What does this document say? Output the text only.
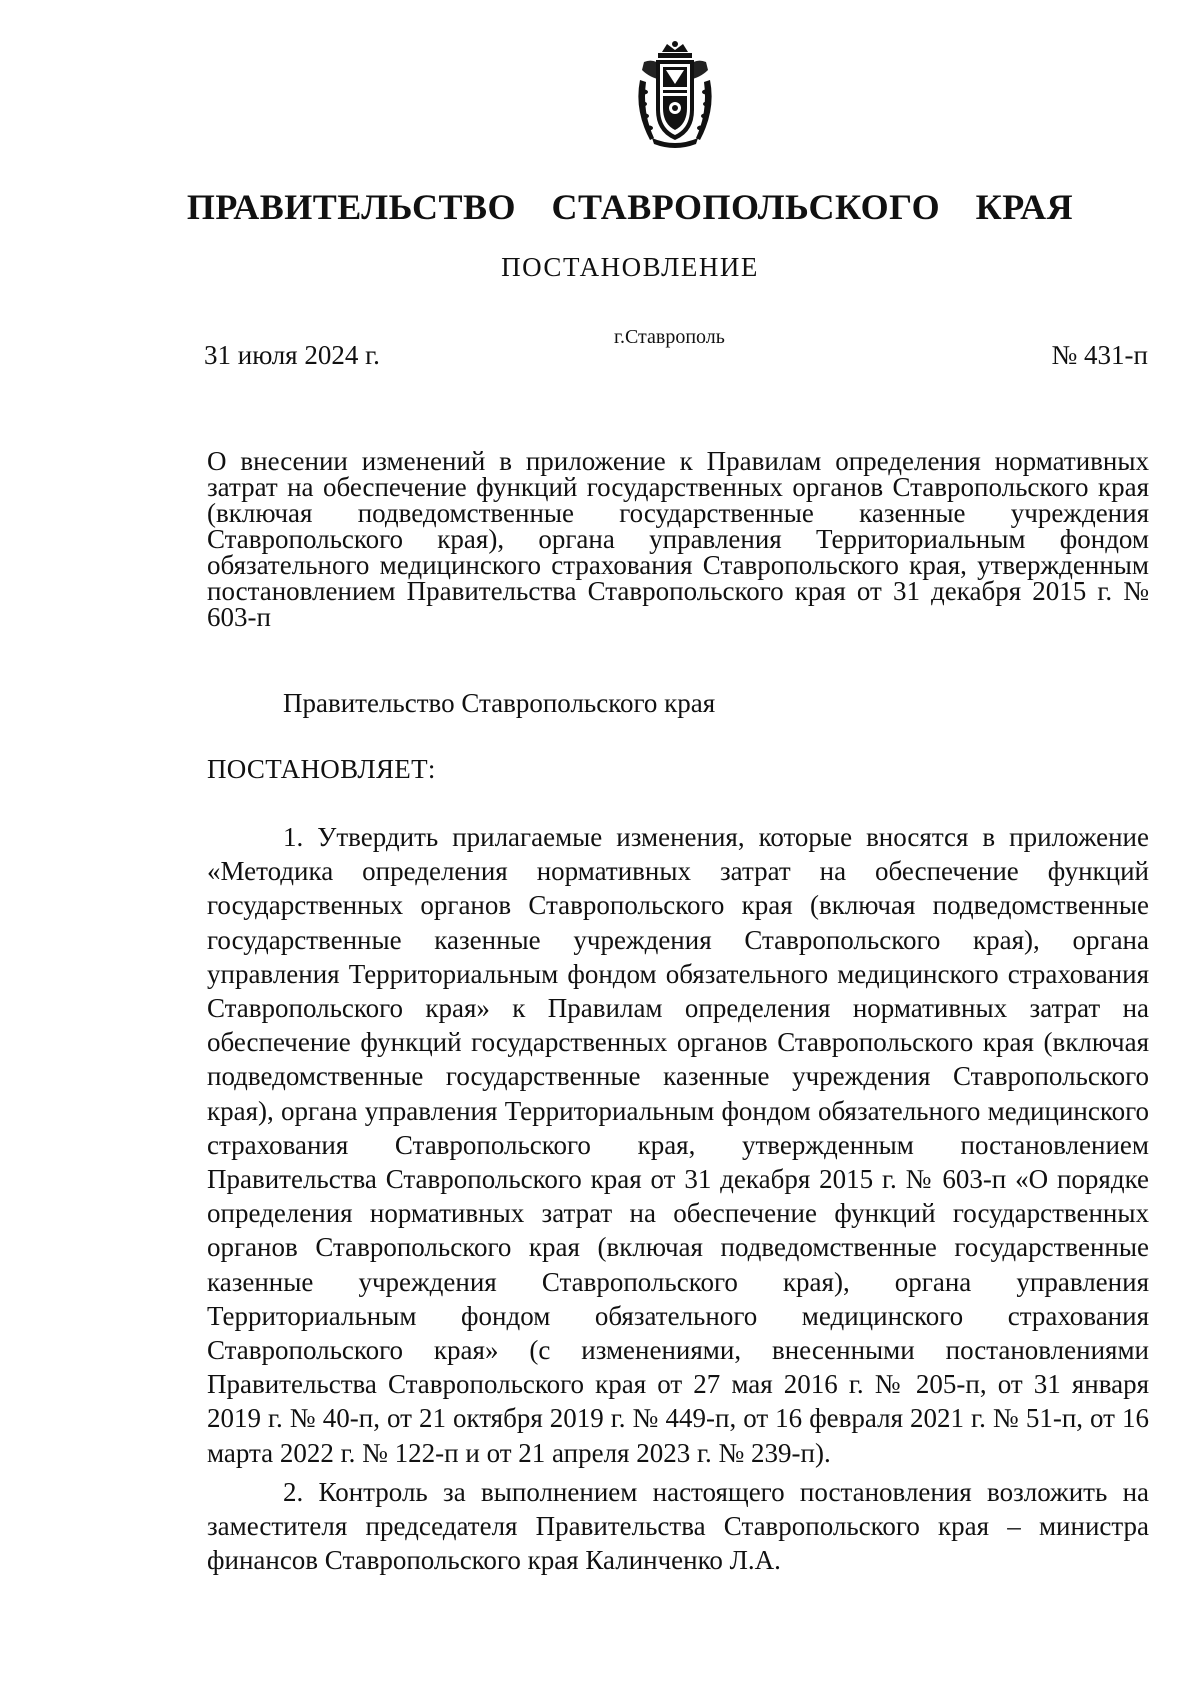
ПРАВИТЕЛЬСТВО СТАВРОПОЛЬСКОГО КРАЯ
ПОСТАНОВЛЕНИЕ
г.Ставрополь
31 июля 2024 г.	№ 431-п
О внесении изменений в приложение к Правилам определения нормативных затрат на обеспечение функций государственных органов Ставропольского края (включая подведомственные государственные казенные учреждения Ставропольского края), органа управления Территориальным фондом обязательного медицинского страхования Ставропольского края, утвержденным постановлением Правительства Ставропольского края от 31 декабря 2015 г. № 603-п
Правительство Ставропольского края
ПОСТАНОВЛЯЕТ:

1. Утвердить прилагаемые изменения, которые вносятся в приложение «Методика определения нормативных затрат на обеспечение функций государственных органов Ставропольского края (включая подведомственные государственные казенные учреждения Ставропольского края), органа управления Территориальным фондом обязательного медицинского страхования Ставропольского края» к Правилам определения нормативных затрат на обеспечение функций государственных органов Ставропольского края (включая подведомственные государственные казенные учреждения Ставропольского края), органа управления Территориальным фондом обязательного медицинского страхования Ставропольского края, утвержденным постановлением Правительства Ставропольского края от 31 декабря 2015 г. № 603-п «О порядке определения нормативных затрат на обеспечение функций государственных органов Ставропольского края (включая подведомственные государственные казенные учреждения Ставропольского края), органа управления Территориальным фондом обязательного медицинского страхования Ставропольского края» (с изменениями, внесенными постановлениями Правительства Ставропольского края от 27 мая 2016 г. № 205-п, от 31 января 2019 г. № 40-п, от 21 октября 2019 г. № 449-п, от 16 февраля 2021 г. № 51-п, от 16 марта 2022 г. № 122-п и от 21 апреля 2023 г. № 239-п).

2. Контроль за выполнением настоящего постановления возложить на заместителя председателя Правительства Ставропольского края – министра финансов Ставропольского края Калинченко Л.А.
